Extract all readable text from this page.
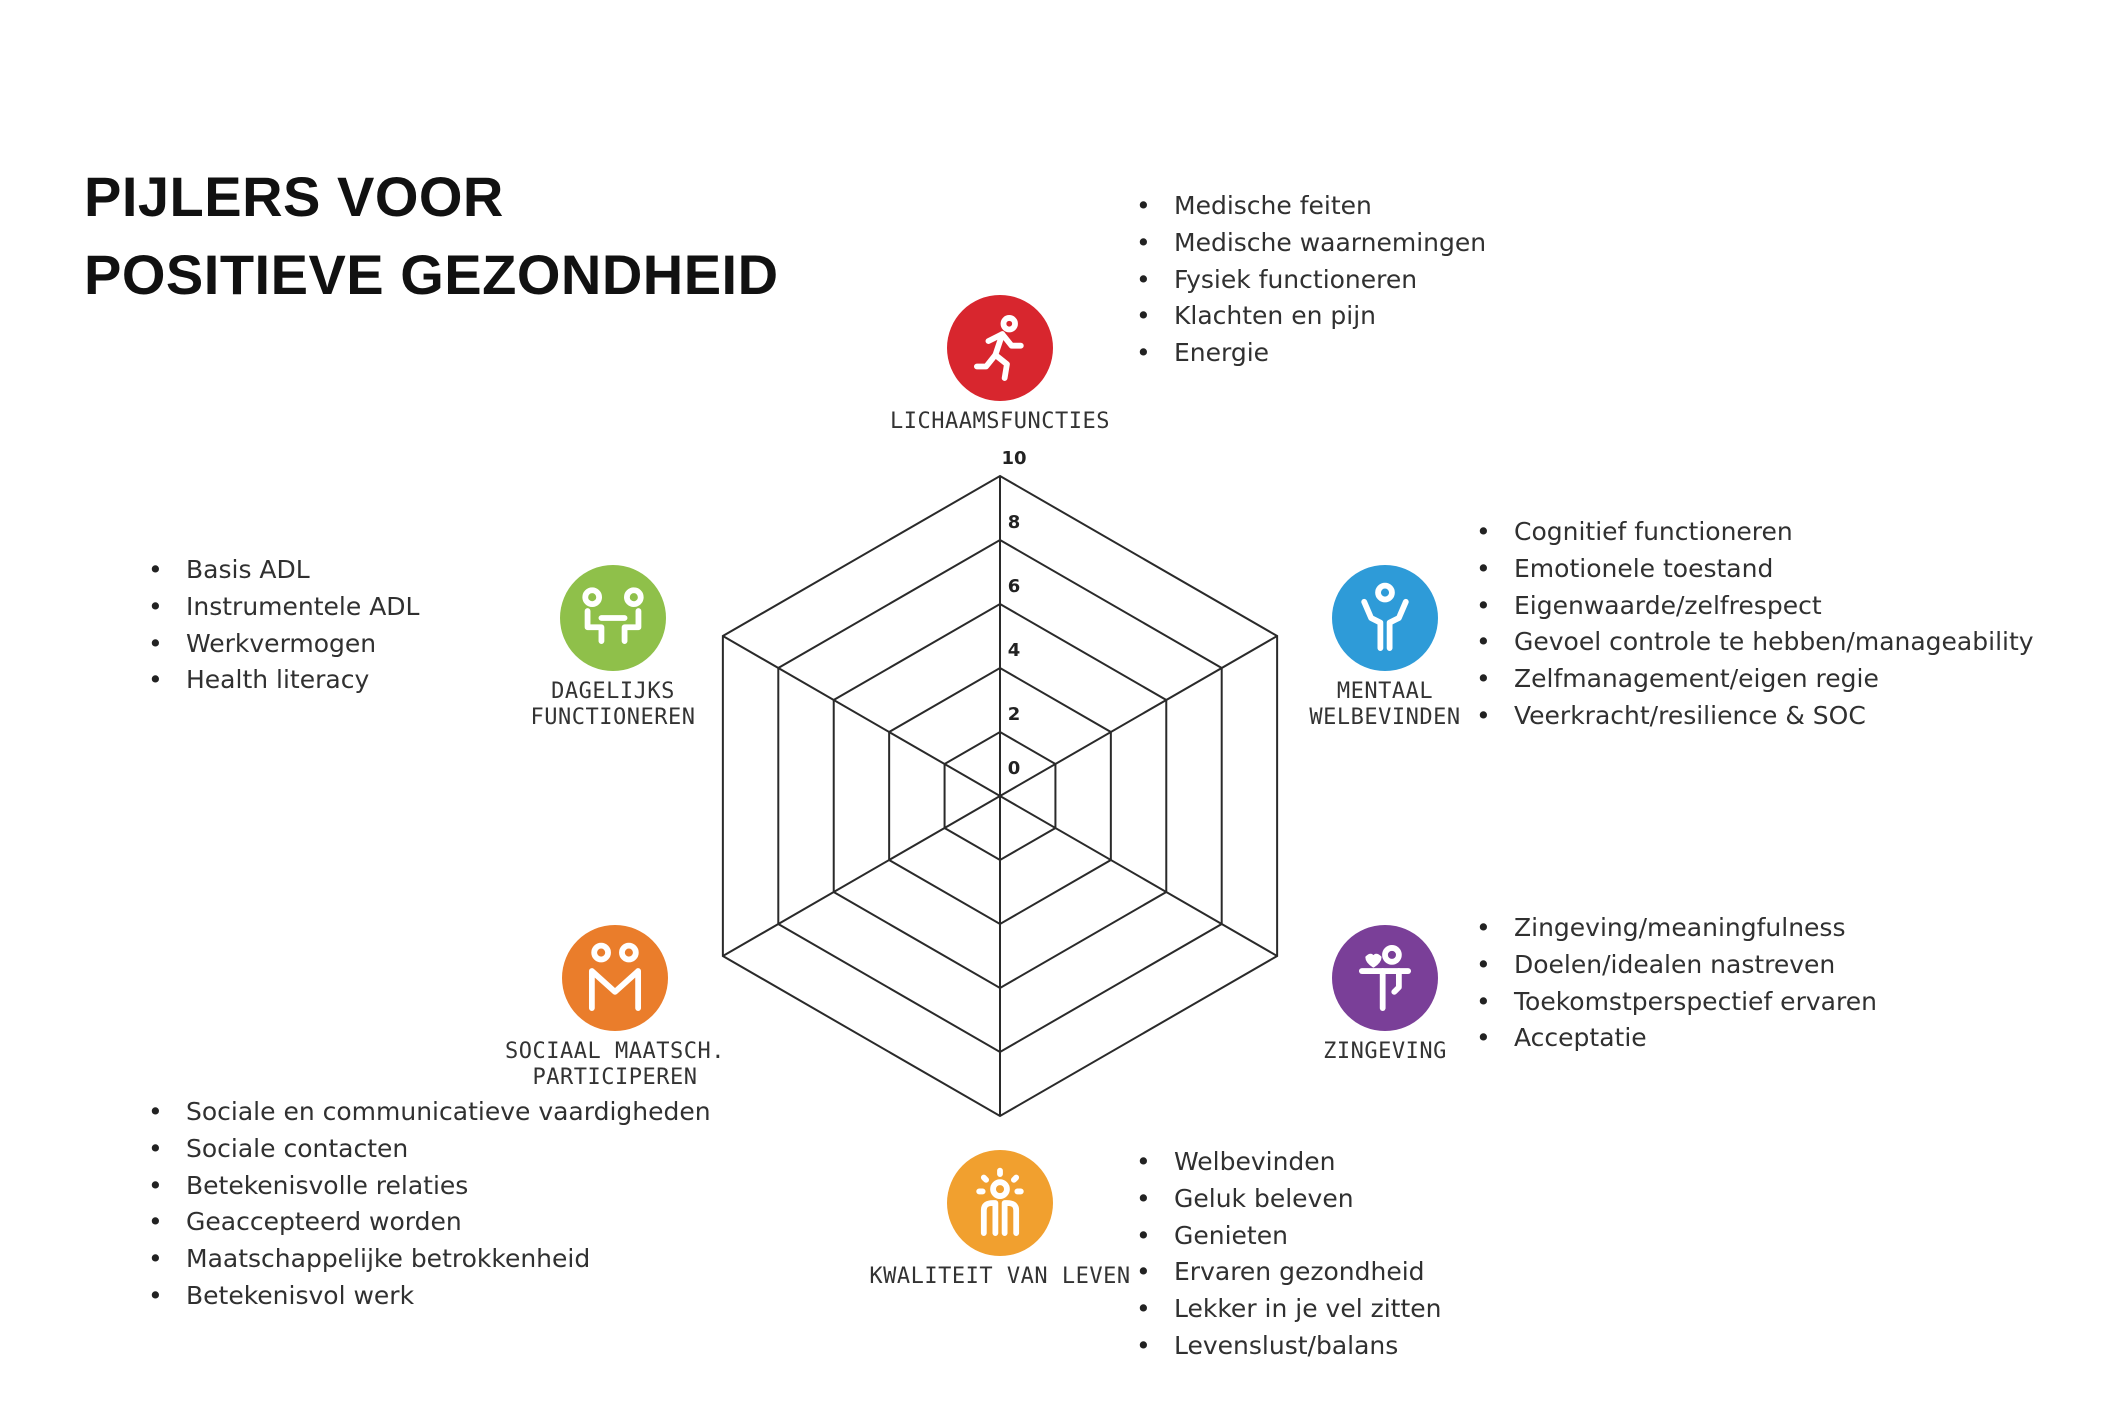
PIJLERS VOOR
POSITIEVE GEZONDHEID
0
2
4
6
8
10
LICHAAMSFUNCTIES
• Medische feiten
• Medische waarnemingen
• Fysiek functioneren
• Klachten en pijn
• Energie
MENTAAL
WELBEVINDEN
• Cognitief functioneren
• Emotionele toestand
• Eigenwaarde/zelfrespect
• Gevoel controle te hebben/manageability
• Zelfmanagement/eigen regie
• Veerkracht/resilience & SOC
ZINGEVING
• Zingeving/meaningfulness
• Doelen/idealen nastreven
• Toekomstperspectief ervaren
• Acceptatie
KWALITEIT VAN LEVEN
• Welbevinden
• Geluk beleven
• Genieten
• Ervaren gezondheid
• Lekker in je vel zitten
• Levenslust/balans
SOCIAAL MAATSCH.
PARTICIPEREN
• Sociale en communicatieve vaardigheden
• Sociale contacten
• Betekenisvolle relaties
• Geaccepteerd worden
• Maatschappelijke betrokkenheid
• Betekenisvol werk
DAGELIJKS
FUNCTIONEREN
• Basis ADL
• Instrumentele ADL
• Werkvermogen
• Health literacy
